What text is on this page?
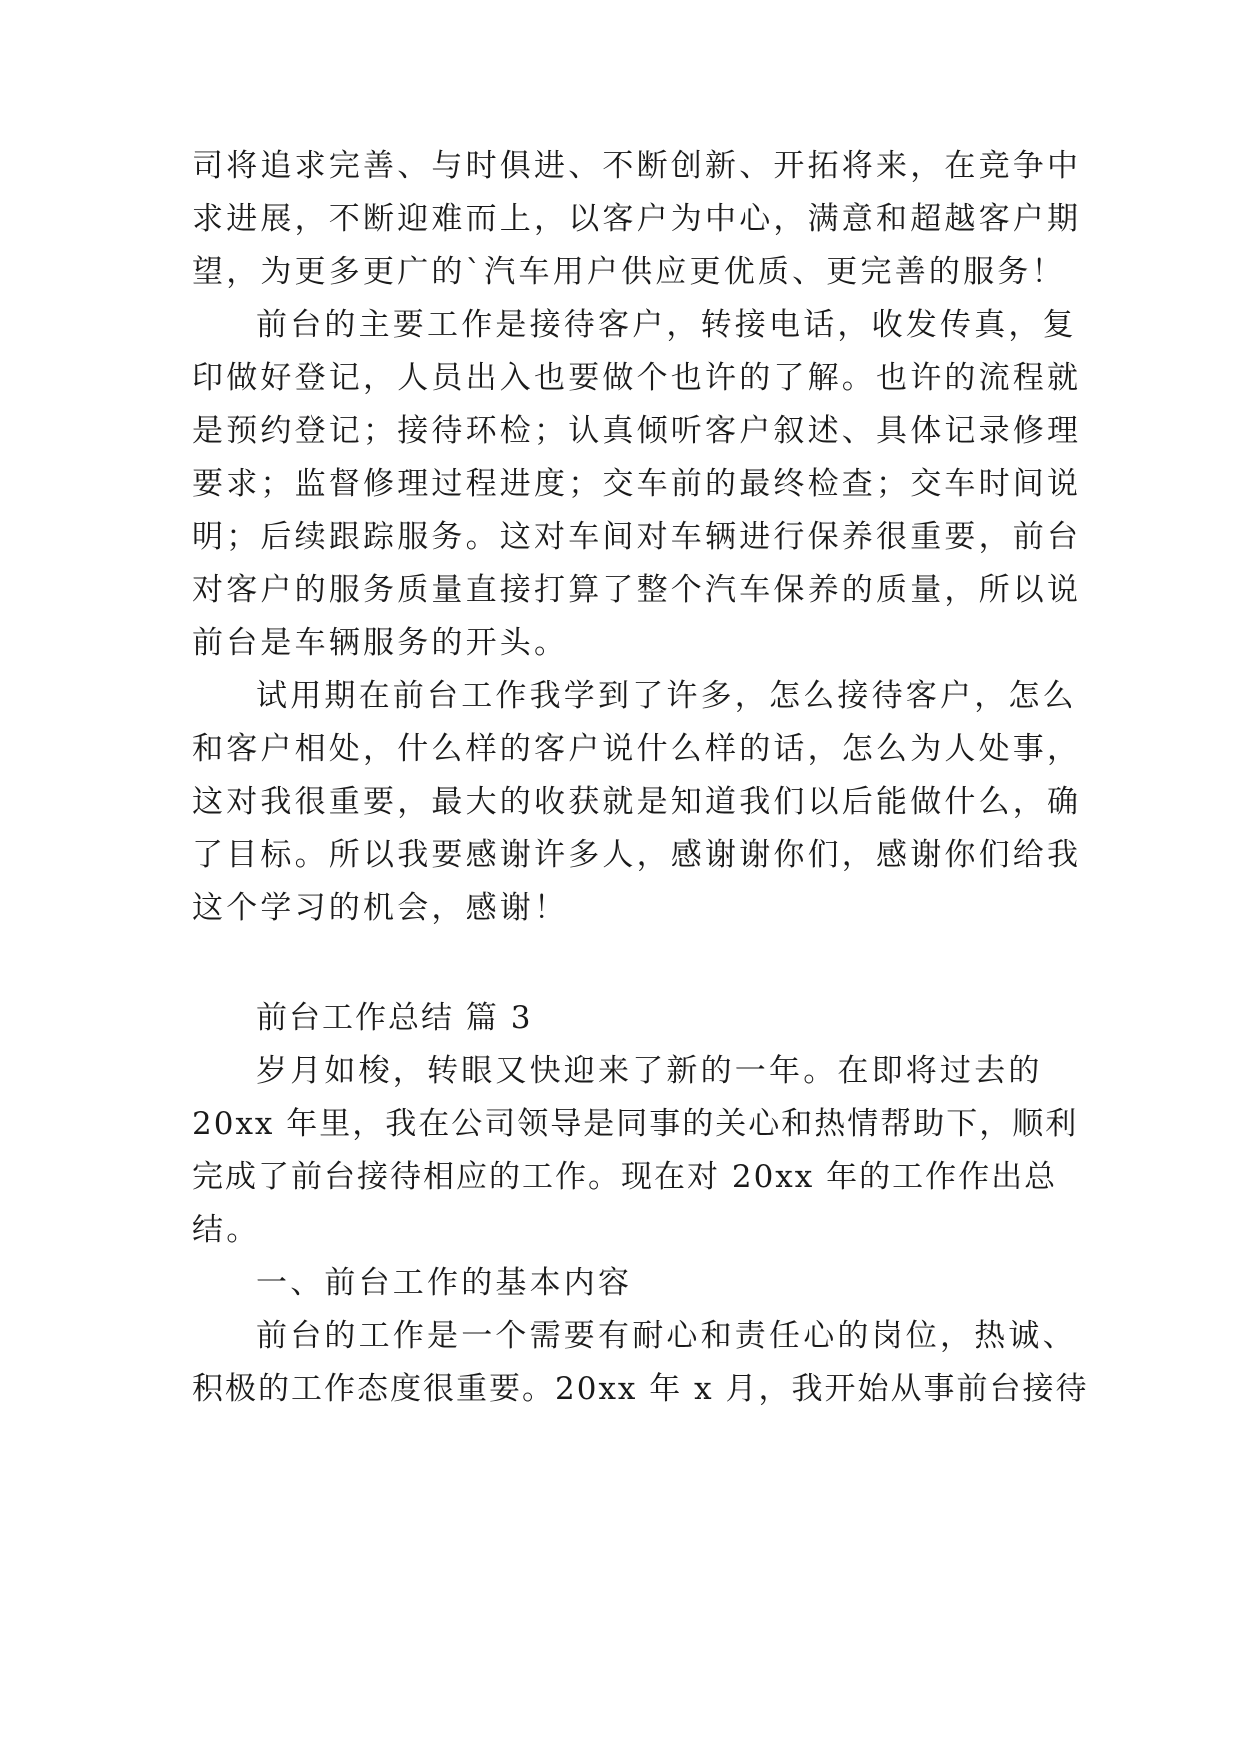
司将追求完善、与时俱进、不断创新、开拓将来，在竞争中

求进展，不断迎难而上，以客户为中心，满意和超越客户期

望，为更多更广的`汽车用户供应更优质、更完善的服务！

前台的主要工作是接待客户，转接电话，收发传真，复

印做好登记，人员出入也要做个也许的了解。也许的流程就

是预约登记；接待环检；认真倾听客户叙述、具体记录修理

要求；监督修理过程进度；交车前的最终检查；交车时间说

明；后续跟踪服务。这对车间对车辆进行保养很重要，前台

对客户的服务质量直接打算了整个汽车保养的质量，所以说

前台是车辆服务的开头。

试用期在前台工作我学到了许多，怎么接待客户，怎么

和客户相处，什么样的客户说什么样的话，怎么为人处事，

这对我很重要，最大的收获就是知道我们以后能做什么，确

了目标。所以我要感谢许多人，感谢谢你们，感谢你们给我

这个学习的机会，感谢！

前台工作总结 篇 3

岁月如梭，转眼又快迎来了新的一年。在即将过去的

20xx 年里，我在公司领导是同事的关心和热情帮助下，顺利

完成了前台接待相应的工作。现在对 20xx 年的工作作出总

结。

一、前台工作的基本内容

前台的工作是一个需要有耐心和责任心的岗位，热诚、

积极的工作态度很重要。20xx 年 x 月，我开始从事前台接待
